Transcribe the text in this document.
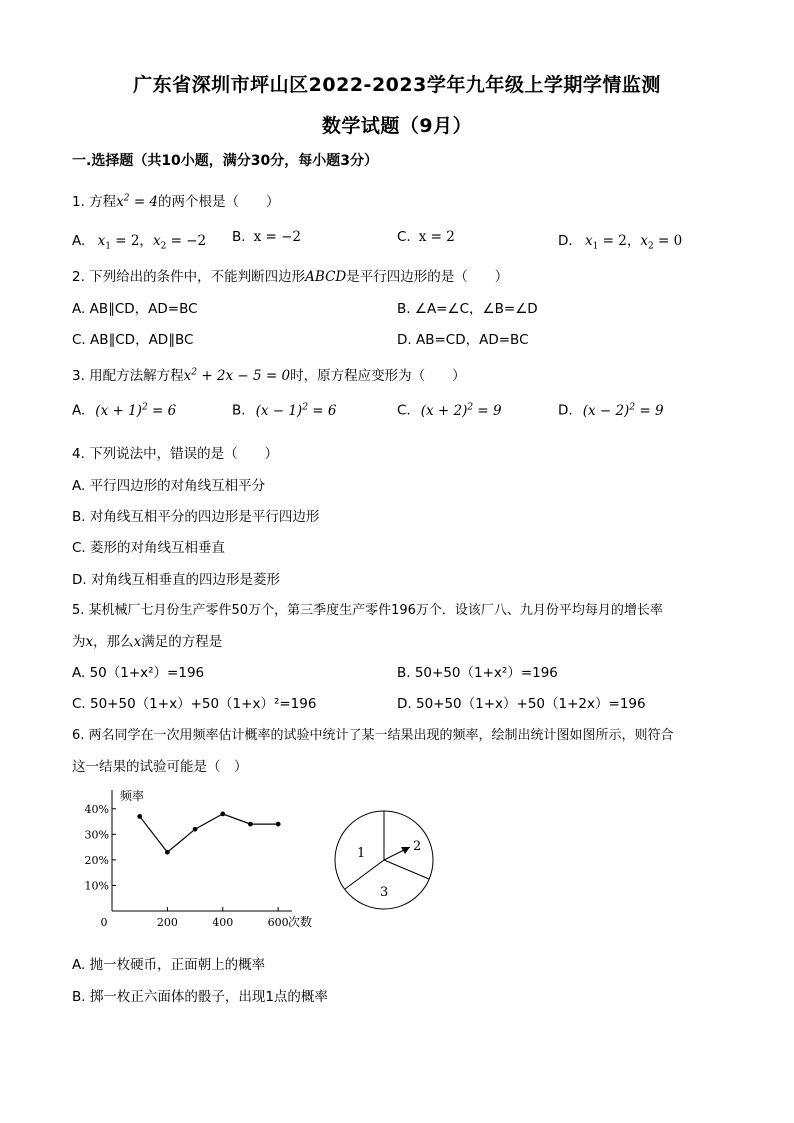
广东省深圳市坪山区2022-2023学年九年级上学期学情监测
数学试题（9月）
一.选择题（共10小题，满分30分，每小题3分）
1. 方程$x^2 = 4$的两个根是（　　）
A. $x_1 = 2$，$x_2 = -2$ B. x = −2	C. x = 2	D. $x_1 = 2$，$x_2 = 0$
2. 下列给出的条件中，不能判断四边形ABCD是平行四边形的是（　　）
A. AB∥CD，AD=BC	B. ∠A=∠C，∠B=∠D
C. AB∥CD，AD∥BC	D. AB=CD，AD=BC
3. 用配方法解方程$x^2 + 2x - 5 = 0$时，原方程应变形为（　　）
A. $(x + 1)^2 = 6$	B. $(x - 1)^2 = 6$	C. $(x + 2)^2 = 9$	D. $(x - 2)^2 = 9$
4. 下列说法中，错误的是（　　）
A. 平行四边形的对角线互相平分
B. 对角线互相平分的四边形是平行四边形
C. 菱形的对角线互相垂直
D. 对角线互相垂直的四边形是菱形
5. 某机械厂七月份生产零件50万个，第三季度生产零件196万个．设该厂八、九月份平均每月的增长率
为x，那么x满足的方程是
A. 50（1+x²）=196	B. 50+50（1+x²）=196
C. 50+50（1+x）+50（1+x）²=196	D. 50+50（1+x）+50（1+2x）=196
6. 两名同学在一次用频率估计概率的试验中统计了某一结果出现的频率，绘制出统计图如图所示，则符合
这一结果的试验可能是（　）
10%
20%
30%
40%
0	200	400	600
频率
次数
1	2
3
A. 抛一枚硬币，正面朝上的概率
B. 掷一枚正六面体的骰子，出现1点的概率
